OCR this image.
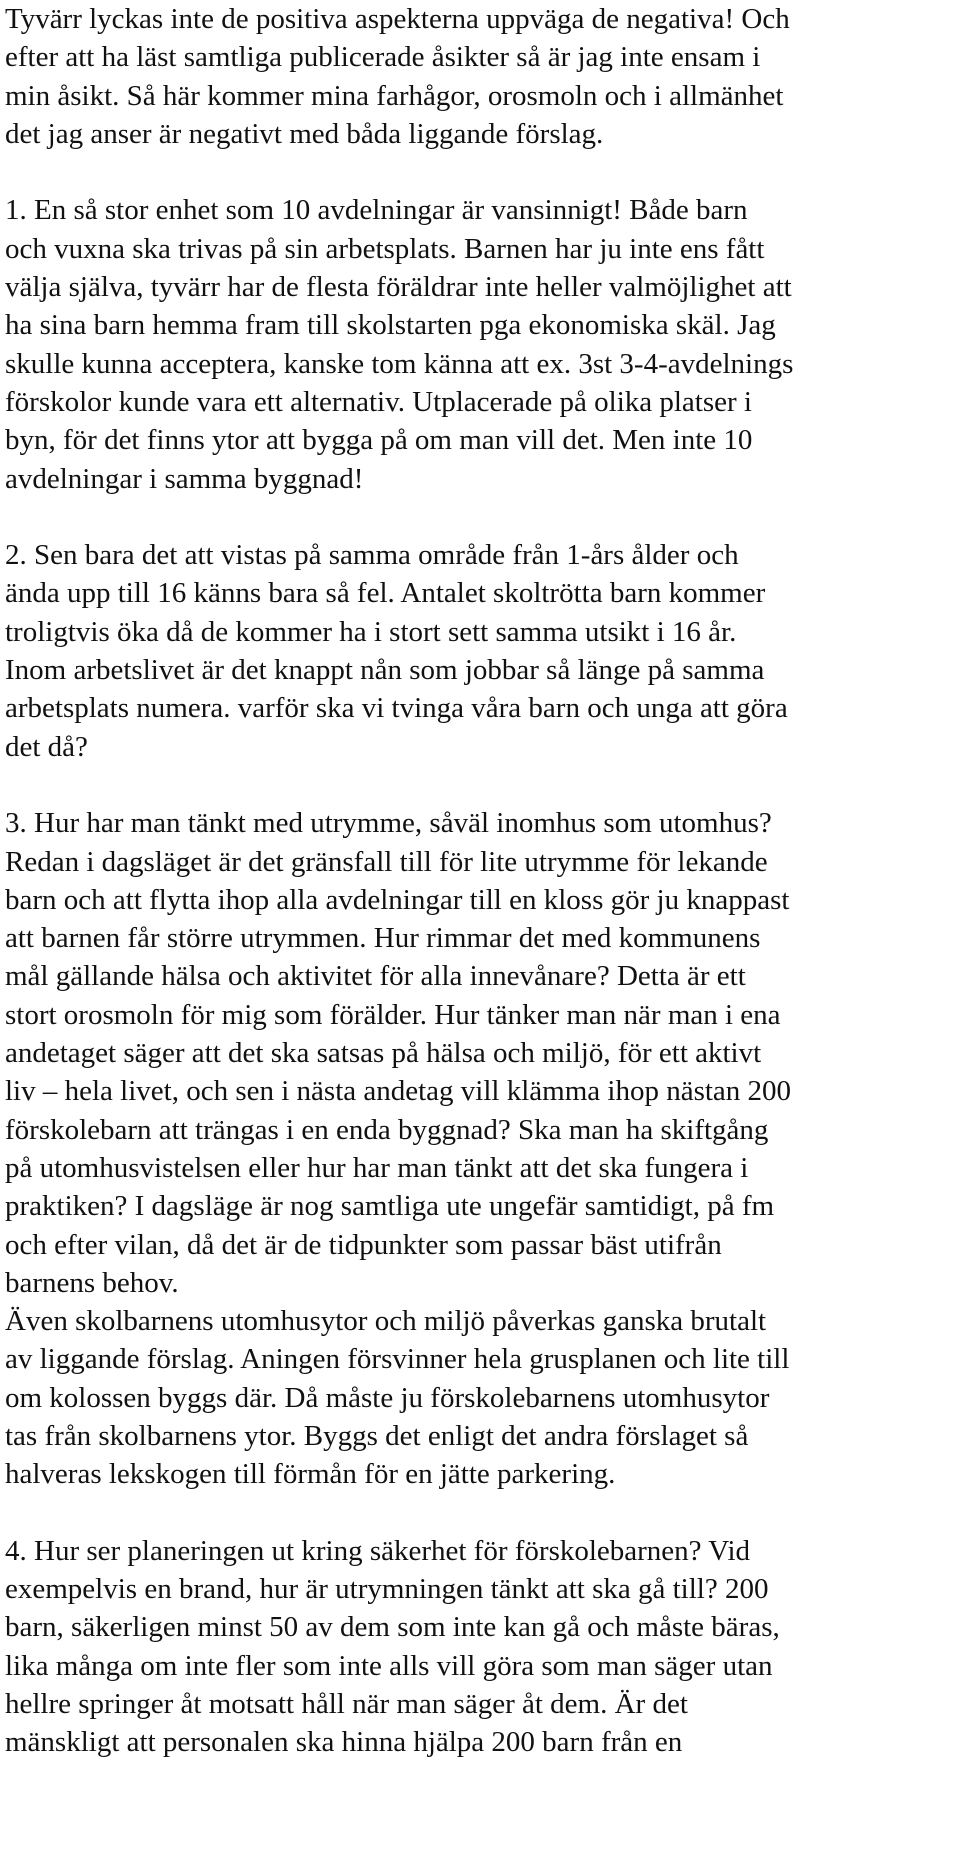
Tyvärr lyckas inte de positiva aspekterna uppväga de negativa! Och
efter att ha läst samtliga publicerade åsikter så är jag inte ensam i
min åsikt. Så här kommer mina farhågor, orosmoln och i allmänhet
det jag anser är negativt med båda liggande förslag.
1. En så stor enhet som 10 avdelningar är vansinnigt! Både barn
och vuxna ska trivas på sin arbetsplats. Barnen har ju inte ens fått
välja själva, tyvärr har de flesta föräldrar inte heller valmöjlighet att
ha sina barn hemma fram till skolstarten pga ekonomiska skäl. Jag
skulle kunna acceptera, kanske tom känna att ex. 3st 3-4-avdelnings
förskolor kunde vara ett alternativ. Utplacerade på olika platser i
byn, för det finns ytor att bygga på om man vill det. Men inte 10
avdelningar i samma byggnad!
2. Sen bara det att vistas på samma område från 1-års ålder och
ända upp till 16 känns bara så fel. Antalet skoltrötta barn kommer
troligtvis öka då de kommer ha i stort sett samma utsikt i 16 år.
Inom arbetslivet är det knappt nån som jobbar så länge på samma
arbetsplats numera. varför ska vi tvinga våra barn och unga att göra
det då?
3. Hur har man tänkt med utrymme, såväl inomhus som utomhus?
Redan i dagsläget är det gränsfall till för lite utrymme för lekande
barn och att flytta ihop alla avdelningar till en kloss gör ju knappast
att barnen får större utrymmen. Hur rimmar det med kommunens
mål gällande hälsa och aktivitet för alla innevånare? Detta är ett
stort orosmoln för mig som förälder. Hur tänker man när man i ena
andetaget säger att det ska satsas på hälsa och miljö, för ett aktivt
liv – hela livet, och sen i nästa andetag vill klämma ihop nästan 200
förskolebarn att trängas i en enda byggnad? Ska man ha skiftgång
på utomhusvistelsen eller hur har man tänkt att det ska fungera i
praktiken? I dagsläge är nog samtliga ute ungefär samtidigt, på fm
och efter vilan, då det är de tidpunkter som passar bäst utifrån
barnens behov.
Även skolbarnens utomhusytor och miljö påverkas ganska brutalt
av liggande förslag. Aningen försvinner hela grusplanen och lite till
om kolossen byggs där. Då måste ju förskolebarnens utomhusytor
tas från skolbarnens ytor. Byggs det enligt det andra förslaget så
halveras lekskogen till förmån för en jätte parkering.
4. Hur ser planeringen ut kring säkerhet för förskolebarnen? Vid
exempelvis en brand, hur är utrymningen tänkt att ska gå till? 200
barn, säkerligen minst 50 av dem som inte kan gå och måste bäras,
lika många om inte fler som inte alls vill göra som man säger utan
hellre springer åt motsatt håll när man säger åt dem. Är det
mänskligt att personalen ska hinna hjälpa 200 barn från en
